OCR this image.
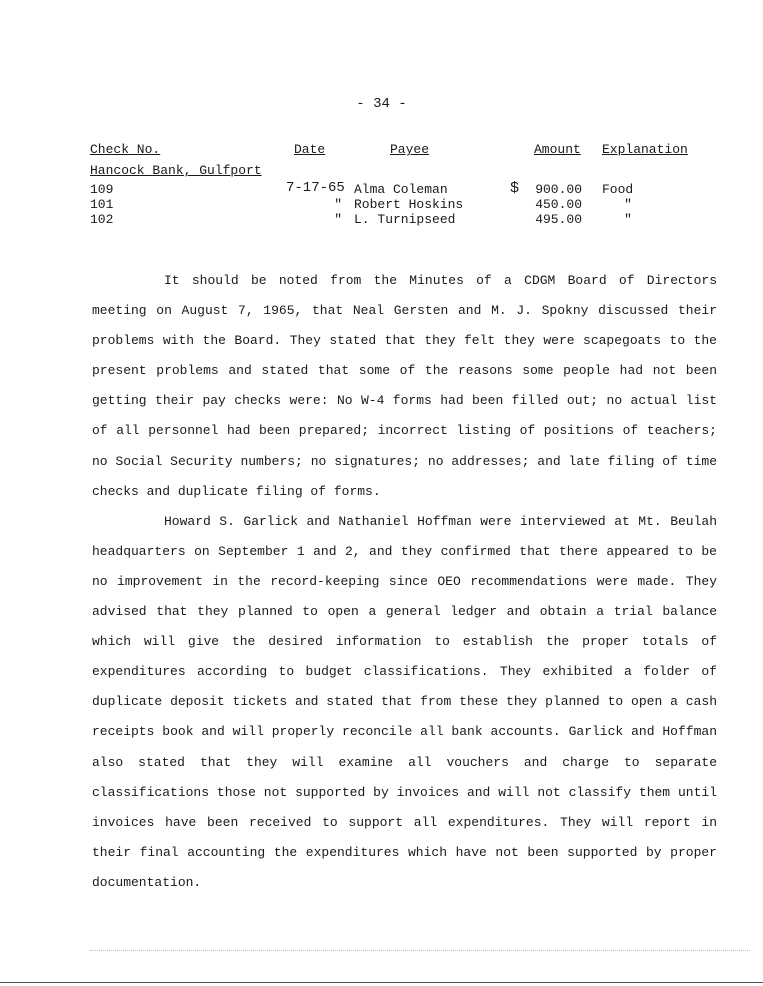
- 34 -
Check No.	Date	Payee	Amount Explanation
Hancock Bank, Gulfport
109	7-17-65 Alma Coleman	$	900.00 Food
101	" Robert Hoskins	450.00	"
102	" L. Turnipseed	495.00	"

It should be noted from the Minutes of a CDGM Board of Directors meeting on August 7, 1965, that Neal Gersten and M. J. Spokny discussed their problems with the Board. They stated that they felt they were scapegoats to the present problems and stated that some of the reasons some people had not been getting their pay checks were: No W-4 forms had been filled out; no actual list of all personnel had been prepared; incorrect listing of positions of teachers; no Social Security numbers; no signatures; no addresses; and late filing of time checks and duplicate filing of forms.

Howard S. Garlick and Nathaniel Hoffman were interviewed at Mt. Beulah headquarters on September 1 and 2, and they confirmed that there appeared to be no improvement in the record-keeping since OEO recommendations were made. They advised that they planned to open a general ledger and obtain a trial balance which will give the desired information to establish the proper totals of expenditures according to budget classifications. They exhibited a folder of duplicate deposit tickets and stated that from these they planned to open a cash receipts book and will properly reconcile all bank accounts. Garlick and Hoffman also stated that they will examine all vouchers and charge to separate classifications those not supported by invoices and will not classify them until invoices have been received to support all expenditures. They will report in their final accounting the expenditures which have not been supported by proper documentation.
